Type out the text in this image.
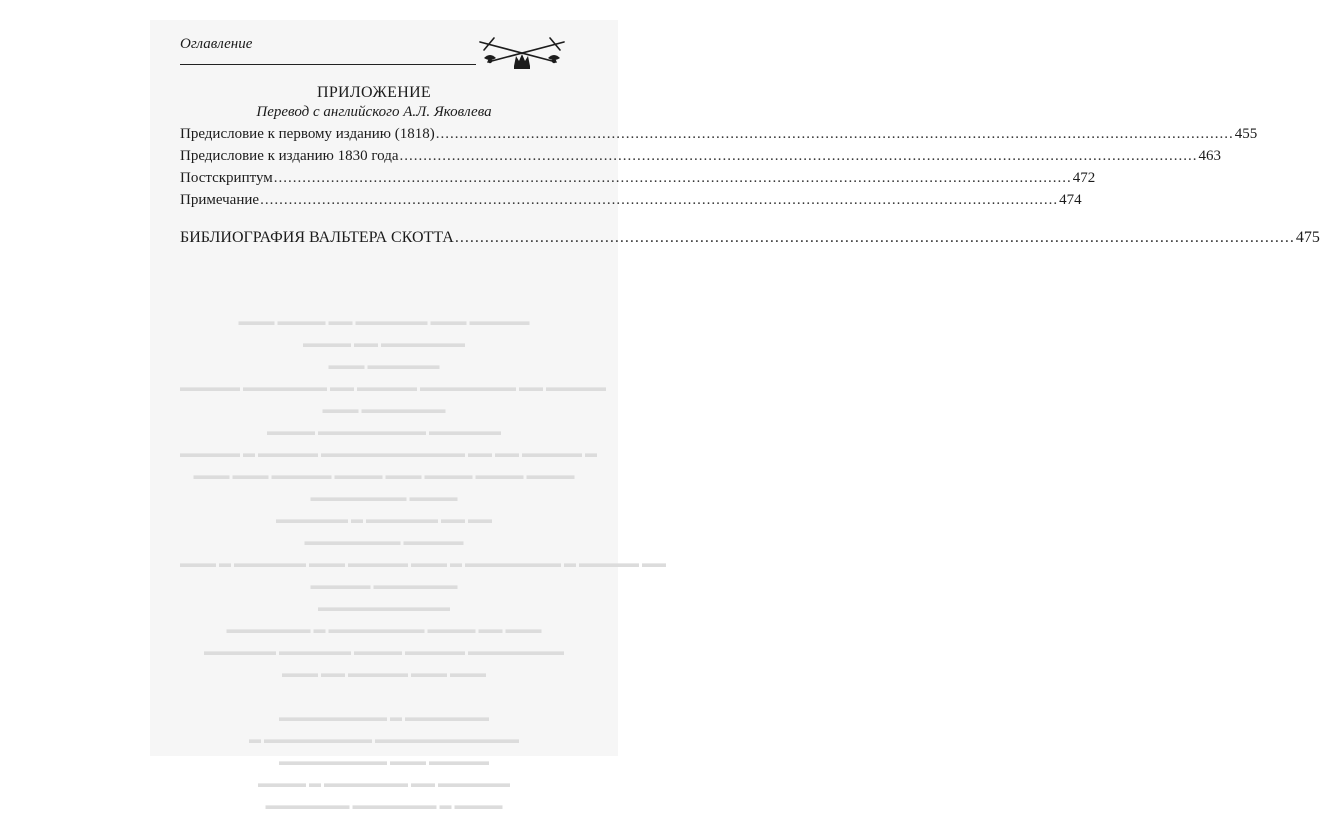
▬▬▬ ▬▬▬▬ ▬▬ ▬▬▬▬▬▬ ▬▬▬ ▬▬▬▬▬
▬▬▬▬ ▬▬ ▬▬▬▬▬▬▬
▬▬▬ ▬▬▬▬▬▬
▬▬▬▬▬ ▬▬▬▬▬▬▬ ▬▬ ▬▬▬▬▬ ▬▬▬▬▬▬▬▬ ▬▬ ▬▬▬▬▬
▬▬▬ ▬▬▬▬▬▬▬
▬▬▬▬ ▬▬▬▬▬▬▬▬▬ ▬▬▬▬▬▬
▬▬▬▬▬ ▬ ▬▬▬▬▬ ▬▬▬▬▬▬▬▬▬▬▬▬ ▬▬ ▬▬ ▬▬▬▬▬ ▬
▬▬▬ ▬▬▬ ▬▬▬▬▬ ▬▬▬▬ ▬▬▬ ▬▬▬▬ ▬▬▬▬ ▬▬▬▬
▬▬▬▬▬▬▬▬ ▬▬▬▬
▬▬▬▬▬▬ ▬ ▬▬▬▬▬▬ ▬▬ ▬▬
▬▬▬▬▬▬▬▬ ▬▬▬▬▬
▬▬▬ ▬ ▬▬▬▬▬▬ ▬▬▬ ▬▬▬▬▬ ▬▬▬ ▬ ▬▬▬▬▬▬▬▬ ▬ ▬▬▬▬▬ ▬▬
▬▬▬▬▬ ▬▬▬▬▬▬▬
▬▬▬▬▬▬▬▬▬▬▬
▬▬▬▬▬▬▬ ▬ ▬▬▬▬▬▬▬▬ ▬▬▬▬ ▬▬ ▬▬▬
▬▬▬▬▬▬ ▬▬▬▬▬▬ ▬▬▬▬ ▬▬▬▬▬ ▬▬▬▬▬▬▬▬
▬▬▬ ▬▬ ▬▬▬▬▬ ▬▬▬ ▬▬▬

▬▬▬▬▬▬▬▬▬ ▬ ▬▬▬▬▬▬▬
▬ ▬▬▬▬▬▬▬▬▬ ▬▬▬▬▬▬▬▬▬▬▬▬
▬▬▬▬▬▬▬▬▬ ▬▬▬ ▬▬▬▬▬
▬▬▬▬ ▬ ▬▬▬▬▬▬▬ ▬▬ ▬▬▬▬▬▬
▬▬▬▬▬▬▬ ▬▬▬▬▬▬▬ ▬ ▬▬▬▬
Оглавление
ПРИЛОЖЕНИЕ
Перевод с английского А.Л. Яковлева
Предисловие к первому изданию (1818) .....	455
Предисловие к изданию 1830 года .....	463
Постскриптум .....	472
Примечание .....	474
БИБЛИОГРАФИЯ ВАЛЬТЕРА СКОТТА .....	475
